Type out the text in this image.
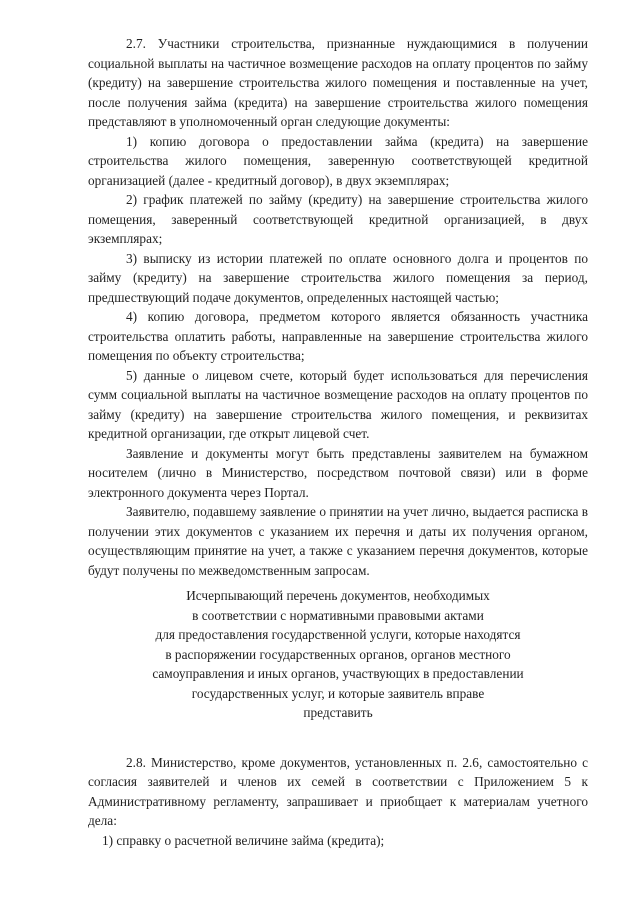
2.7. Участники строительства, признанные нуждающимися в получении социальной выплаты на частичное возмещение расходов на оплату процентов по займу (кредиту) на завершение строительства жилого помещения и поставленные на учет, после получения займа (кредита) на завершение строительства жилого помещения представляют в уполномоченный орган следующие документы:

1) копию договора о предоставлении займа (кредита) на завершение строительства жилого помещения, заверенную соответствующей кредитной организацией (далее - кредитный договор), в двух экземплярах;

2) график платежей по займу (кредиту) на завершение строительства жилого помещения, заверенный соответствующей кредитной организацией, в двух экземплярах;

3) выписку из истории платежей по оплате основного долга и процентов по займу (кредиту) на завершение строительства жилого помещения за период, предшествующий подаче документов, определенных настоящей частью;

4) копию договора, предметом которого является обязанность участника строительства оплатить работы, направленные на завершение строительства жилого помещения по объекту строительства;

5) данные о лицевом счете, который будет использоваться для перечисления сумм социальной выплаты на частичное возмещение расходов на оплату процентов по займу (кредиту) на завершение строительства жилого помещения, и реквизитах кредитной организации, где открыт лицевой счет.

Заявление и документы могут быть представлены заявителем на бумажном носителем (лично в Министерство, посредством почтовой связи) или в форме электронного документа через Портал.

Заявителю, подавшему заявление о принятии на учет лично, выдается расписка в получении этих документов с указанием их перечня и даты их получения органом, осуществляющим принятие на учет, а также с указанием перечня документов, которые будут получены по межведомственным запросам.

Исчерпывающий перечень документов, необходимых
в соответствии с нормативными правовыми актами
для предоставления государственной услуги, которые находятся
в распоряжении государственных органов, органов местного
самоуправления и иных органов, участвующих в предоставлении
государственных услуг, и которые заявитель вправе
представить

2.8. Министерство, кроме документов, установленных п. 2.6, самостоятельно с согласия заявителей и членов их семей в соответствии с Приложением 5 к Административному регламенту, запрашивает и приобщает к материалам учетного дела:

1) справку о расчетной величине займа (кредита);
